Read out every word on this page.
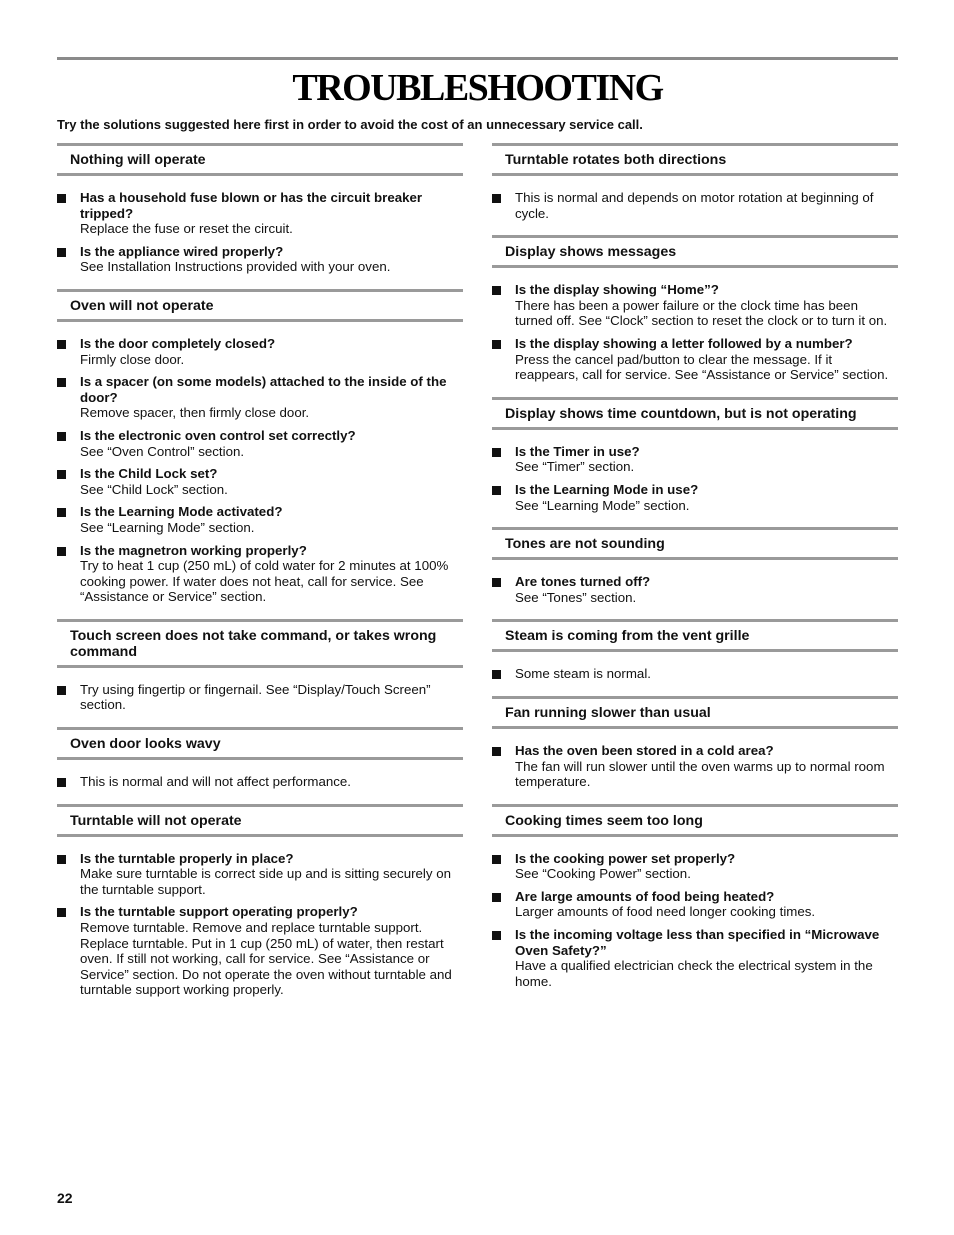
TROUBLESHOOTING

Try the solutions suggested here first in order to avoid the cost of an unnecessary service call.

Nothing will operate
Has a household fuse blown or has the circuit breaker tripped?
Replace the fuse or reset the circuit.
Is the appliance wired properly?
See Installation Instructions provided with your oven.
Oven will not operate
Is the door completely closed?
Firmly close door.
Is a spacer (on some models) attached to the inside of the door?
Remove spacer, then firmly close door.
Is the electronic oven control set correctly?
See “Oven Control” section.
Is the Child Lock set?
See “Child Lock” section.
Is the Learning Mode activated?
See “Learning Mode” section.
Is the magnetron working properly?
Try to heat 1 cup (250 mL) of cold water for 2 minutes at 100% cooking power. If water does not heat, call for service. See “Assistance or Service” section.
Touch screen does not take command, or takes wrong command
Try using fingertip or fingernail. See “Display/Touch Screen” section.
Oven door looks wavy
This is normal and will not affect performance.
Turntable will not operate
Is the turntable properly in place?
Make sure turntable is correct side up and is sitting securely on the turntable support.
Is the turntable support operating properly?
Remove turntable. Remove and replace turntable support. Replace turntable. Put in 1 cup (250 mL) of water, then restart oven. If still not working, call for service. See “Assistance or Service” section. Do not operate the oven without turntable and turntable support working properly.
Turntable rotates both directions
This is normal and depends on motor rotation at beginning of cycle.
Display shows messages
Is the display showing “Home”?
There has been a power failure or the clock time has been turned off. See “Clock” section to reset the clock or to turn it on.
Is the display showing a letter followed by a number?
Press the cancel pad/button to clear the message. If it reappears, call for service. See “Assistance or Service” section.
Display shows time countdown, but is not operating
Is the Timer in use?
See “Timer” section.
Is the Learning Mode in use?
See “Learning Mode” section.
Tones are not sounding
Are tones turned off?
See “Tones” section.
Steam is coming from the vent grille
Some steam is normal.
Fan running slower than usual
Has the oven been stored in a cold area?
The fan will run slower until the oven warms up to normal room temperature.
Cooking times seem too long
Is the cooking power set properly?
See “Cooking Power” section.
Are large amounts of food being heated?
Larger amounts of food need longer cooking times.
Is the incoming voltage less than specified in “Microwave Oven Safety?”
Have a qualified electrician check the electrical system in the home.

22
